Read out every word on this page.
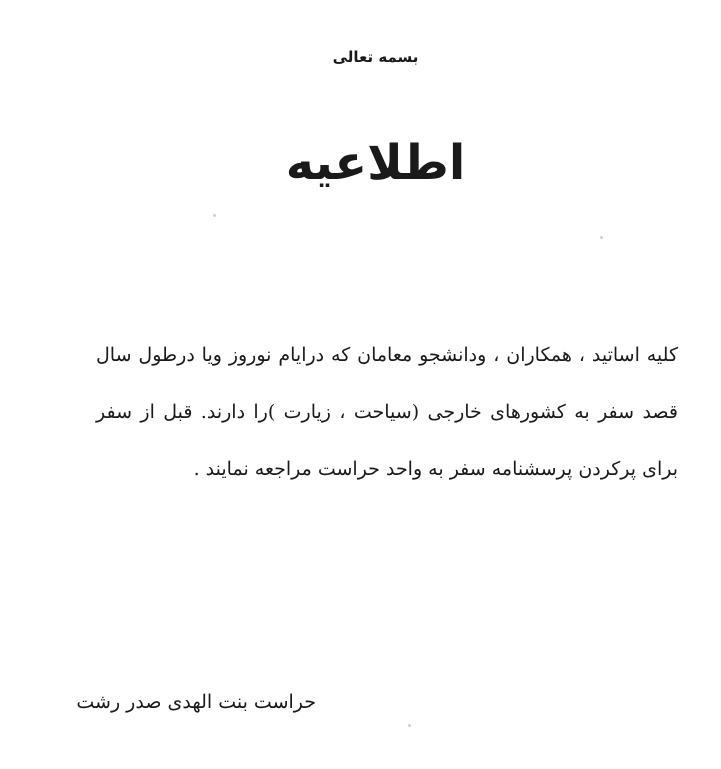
بسمه تعالی
اطلاعیه
کلیه اساتید ، همکاران ، ودانشجو معامان که درایام نوروز ویا درطول سال
قصد سفر به کشورهای خارجی (سیاحت ، زیارت )را دارند. قبل از سفر
برای پرکردن پرسشنامه سفر به واحد حراست مراجعه نمایند .
حراست بنت الهدی صدر رشت
